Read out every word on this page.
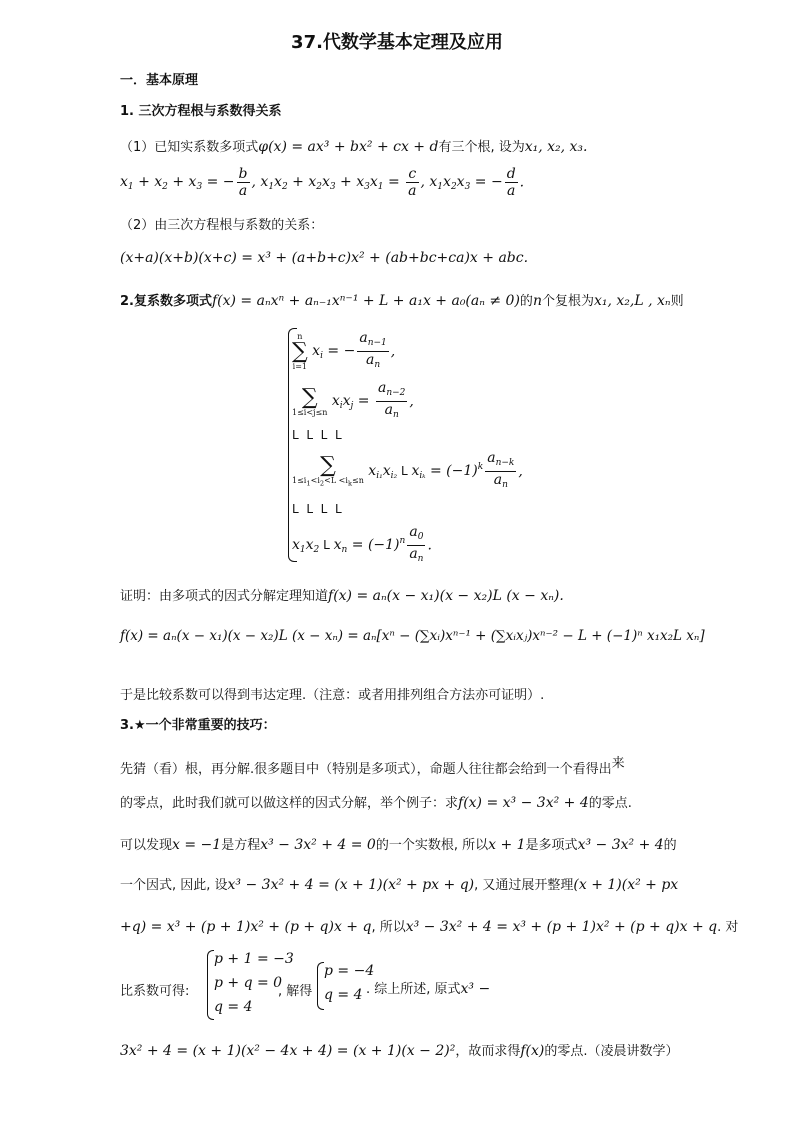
37.代数学基本定理及应用
一．基本原理
1. 三次方程根与系数得关系
（1）已知实系数多项式φ(x) = ax³ + bx² + cx + d有三个根, 设为x₁, x₂, x₃.
$x_1 + x_2 + x_3$ = − $\frac{b}{a}$ , $x_1x_2 + x_2x_3 + x_3x_1 = \frac{c}{a}$ , $x_1x_2x_3$ = − $\frac{d}{a}$ .
（2）由三次方程根与系数的关系：
(x+a)(x+b)(x+c) = x³ + (a+b+c)x² + (ab+bc+ca)x + abc.
2.复系数多项式f(x) = aₙxⁿ + aₙ₋₁xⁿ⁻¹ + L + a₁x + a₀(aₙ ≠ 0)的n个复根为x₁, x₂,L , xₙ则
n
∑
i=1
$x_i$ = − $\frac{a_{n-1}}{a_n}$ ,
∑
1≤i<j≤n
$x_ix_j = \frac{a_{n-2}}{a_n}$ ,
L  L  L  L
∑
$1\le i_1<i_2<L <i_k\le n$
$x_{i_1}x_{i_2}$ L $x_{i_k} = (-1)^k \frac{a_{n-k}}{a_n}$ ,
L  L  L  L
$x_1x_2$ L $x_n = (-1)^n \frac{a_0}{a_n}$ .
证明：由多项式的因式分解定理知道f(x) = aₙ(x − x₁)(x − x₂)L (x − xₙ).
f(x) = aₙ(x − x₁)(x − x₂)L (x − xₙ) = aₙ[xⁿ − (∑xᵢ)xⁿ⁻¹ + (∑xᵢxⱼ)xⁿ⁻² − L + (−1)ⁿ x₁x₂L xₙ]
于是比较系数可以得到韦达定理.（注意：或者用排列组合方法亦可证明）.
3.★一个非常重要的技巧：
先猜（看）根，再分解.很多题目中（特别是多项式），命题人往往都会给到一个看得出来
的零点，此时我们就可以做这样的因式分解，举个例子：求f(x) = x³ − 3x² + 4的零点.
可以发现x = −1是方程x³ − 3x² + 4 = 0的一个实数根, 所以x + 1是多项式x³ − 3x² + 4的
一个因式, 因此, 设x³ − 3x² + 4 = (x + 1)(x² + px + q), 又通过展开整理(x + 1)(x² + px
+q) = x³ + (p + 1)x² + (p + q)x + q, 所以x³ − 3x² + 4 = x³ + (p + 1)x² + (p + q)x + q. 对
比系数可得:
p + 1 = −3
p + q = 0
q = 4
, 解得
p = −4
q = 4 . 综上所述, 原式x³ −
3x² + 4 = (x + 1)(x² − 4x + 4) = (x + 1)(x − 2)²，故而求得f(x)的零点.（凌晨讲数学）
